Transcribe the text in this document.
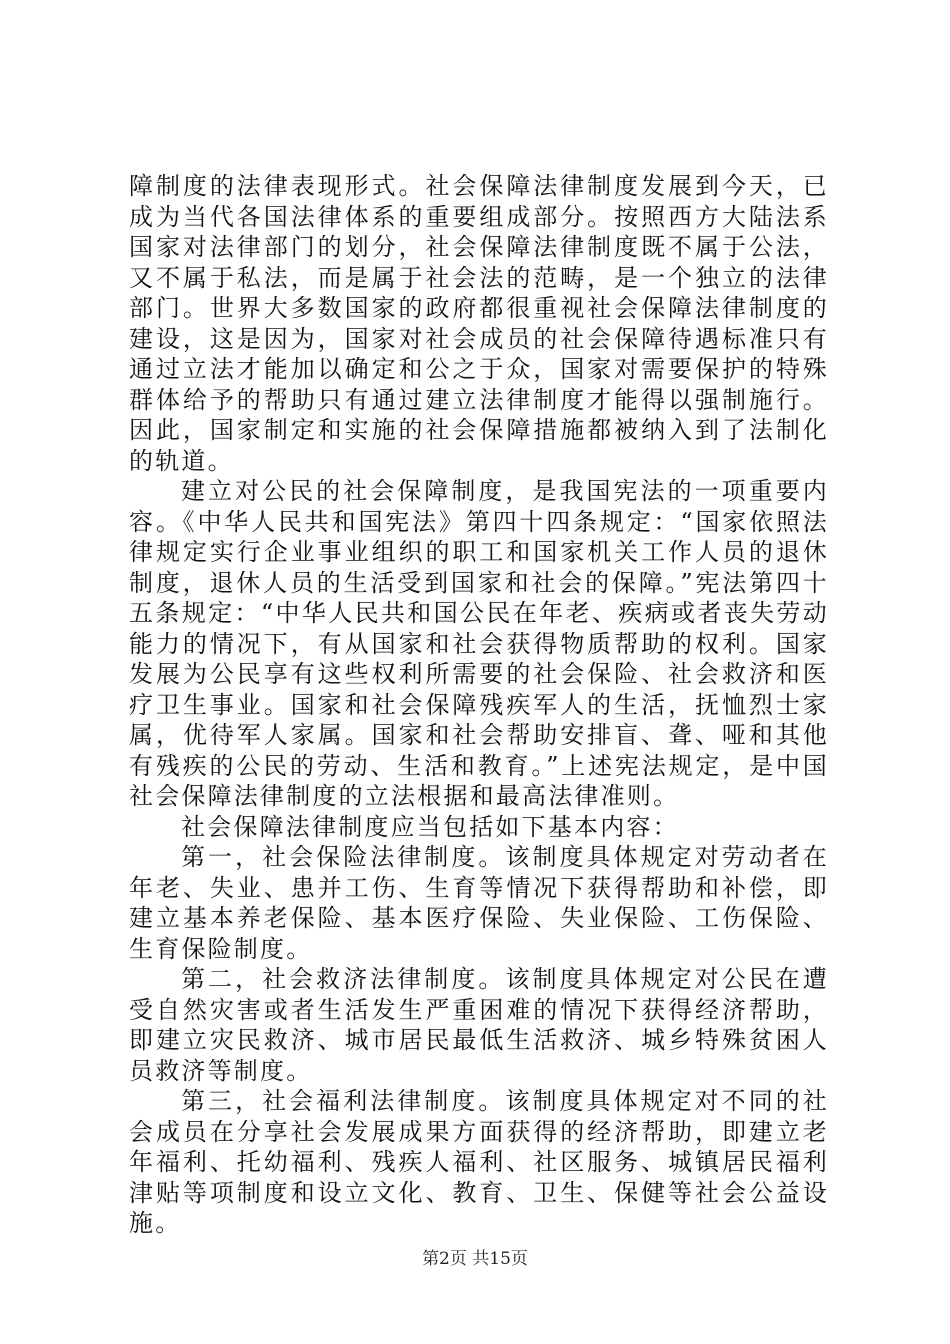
障制度的法律表现形式。社会保障法律制度发展到今天，已成为当代各国法律体系的重要组成部分。按照西方大陆法系国家对法律部门的划分，社会保障法律制度既不属于公法，又不属于私法，而是属于社会法的范畴，是一个独立的法律部门。世界大多数国家的政府都很重视社会保障法律制度的建设，这是因为，国家对社会成员的社会保障待遇标准只有通过立法才能加以确定和公之于众，国家对需要保护的特殊群体给予的帮助只有通过建立法律制度才能得以强制施行。因此，国家制定和实施的社会保障措施都被纳入到了法制化的轨道。

建立对公民的社会保障制度，是我国宪法的一项重要内容。《中华人民共和国宪法》第四十四条规定：“国家依照法律规定实行企业事业组织的职工和国家机关工作人员的退休制度，退休人员的生活受到国家和社会的保障。”宪法第四十五条规定：“中华人民共和国公民在年老、疾病或者丧失劳动能力的情况下，有从国家和社会获得物质帮助的权利。国家发展为公民享有这些权利所需要的社会保险、社会救济和医疗卫生事业。国家和社会保障残疾军人的生活，抚恤烈士家属，优待军人家属。国家和社会帮助安排盲、聋、哑和其他有残疾的公民的劳动、生活和教育。”上述宪法规定，是中国社会保障法律制度的立法根据和最高法律准则。

社会保障法律制度应当包括如下基本内容：

第一，社会保险法律制度。该制度具体规定对劳动者在年老、失业、患并工伤、生育等情况下获得帮助和补偿，即建立基本养老保险、基本医疗保险、失业保险、工伤保险、生育保险制度。

第二，社会救济法律制度。该制度具体规定对公民在遭受自然灾害或者生活发生严重困难的情况下获得经济帮助，即建立灾民救济、城市居民最低生活救济、城乡特殊贫困人员救济等制度。

第三，社会福利法律制度。该制度具体规定对不同的社会成员在分享社会发展成果方面获得的经济帮助，即建立老年福利、托幼福利、残疾人福利、社区服务、城镇居民福利津贴等项制度和设立文化、教育、卫生、保健等社会公益设施。

第2页 共15页
